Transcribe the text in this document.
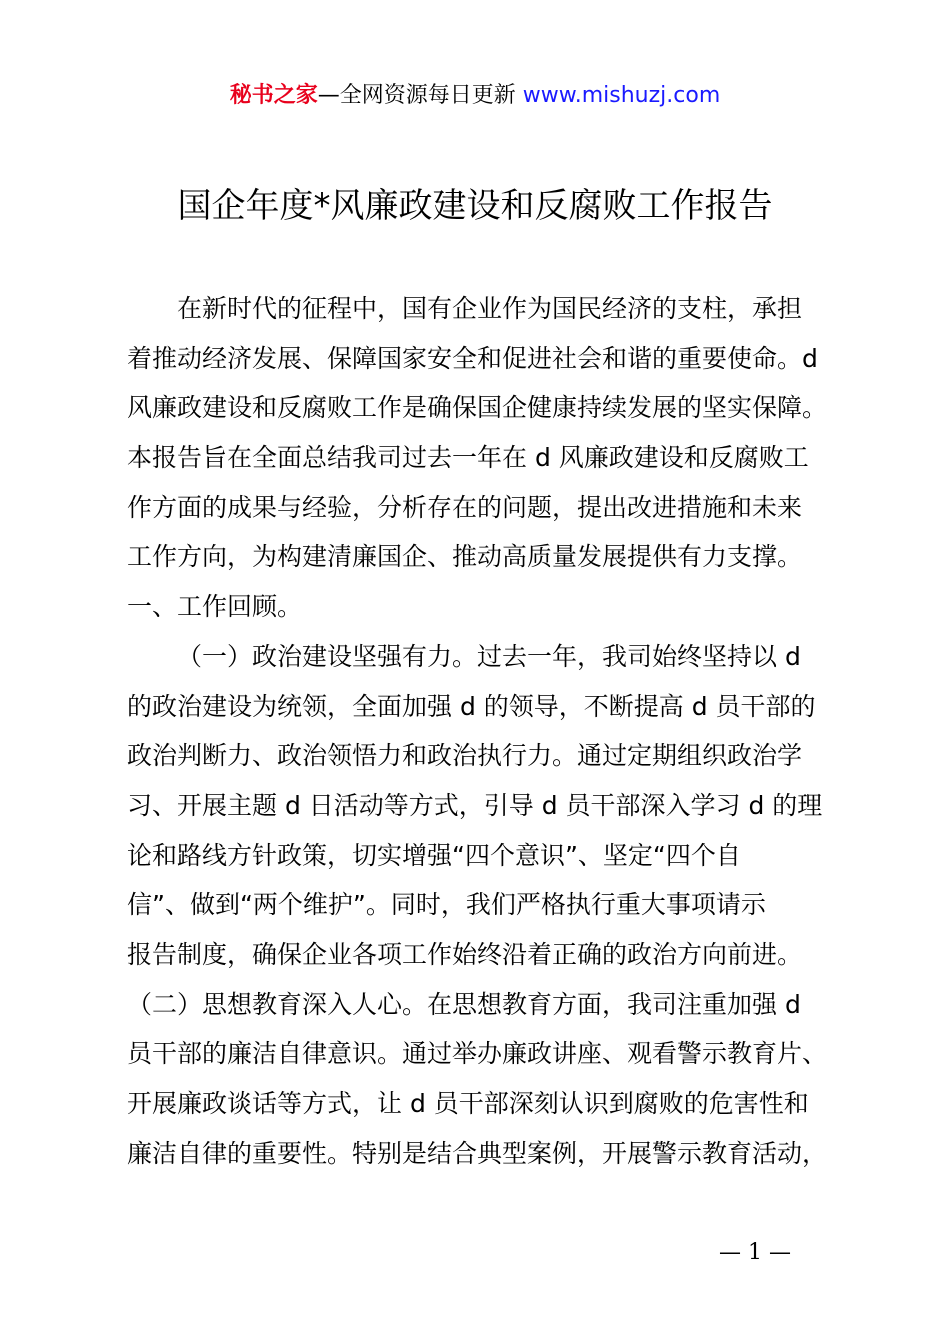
秘书之家—全网资源每日更新 www.mishuzj.com
国企年度*风廉政建设和反腐败工作报告
在新时代的征程中，国有企业作为国民经济的支柱，承担
着推动经济发展、保障国家安全和促进社会和谐的重要使命。d
风廉政建设和反腐败工作是确保国企健康持续发展的坚实保障。
本报告旨在全面总结我司过去一年在 d 风廉政建设和反腐败工
作方面的成果与经验，分析存在的问题，提出改进措施和未来
工作方向，为构建清廉国企、推动高质量发展提供有力支撑。
一、工作回顾。
（一）政治建设坚强有力。过去一年，我司始终坚持以 d
的政治建设为统领，全面加强 d 的领导，不断提高 d 员干部的
政治判断力、政治领悟力和政治执行力。通过定期组织政治学
习、开展主题 d 日活动等方式，引导 d 员干部深入学习 d 的理
论和路线方针政策，切实增强“四个意识”、坚定“四个自
信”、做到“两个维护”。同时，我们严格执行重大事项请示
报告制度，确保企业各项工作始终沿着正确的政治方向前进。
（二）思想教育深入人心。在思想教育方面，我司注重加强 d
员干部的廉洁自律意识。通过举办廉政讲座、观看警示教育片、
开展廉政谈话等方式，让 d 员干部深刻认识到腐败的危害性和
廉洁自律的重要性。特别是结合典型案例，开展警示教育活动，
— 1 —
